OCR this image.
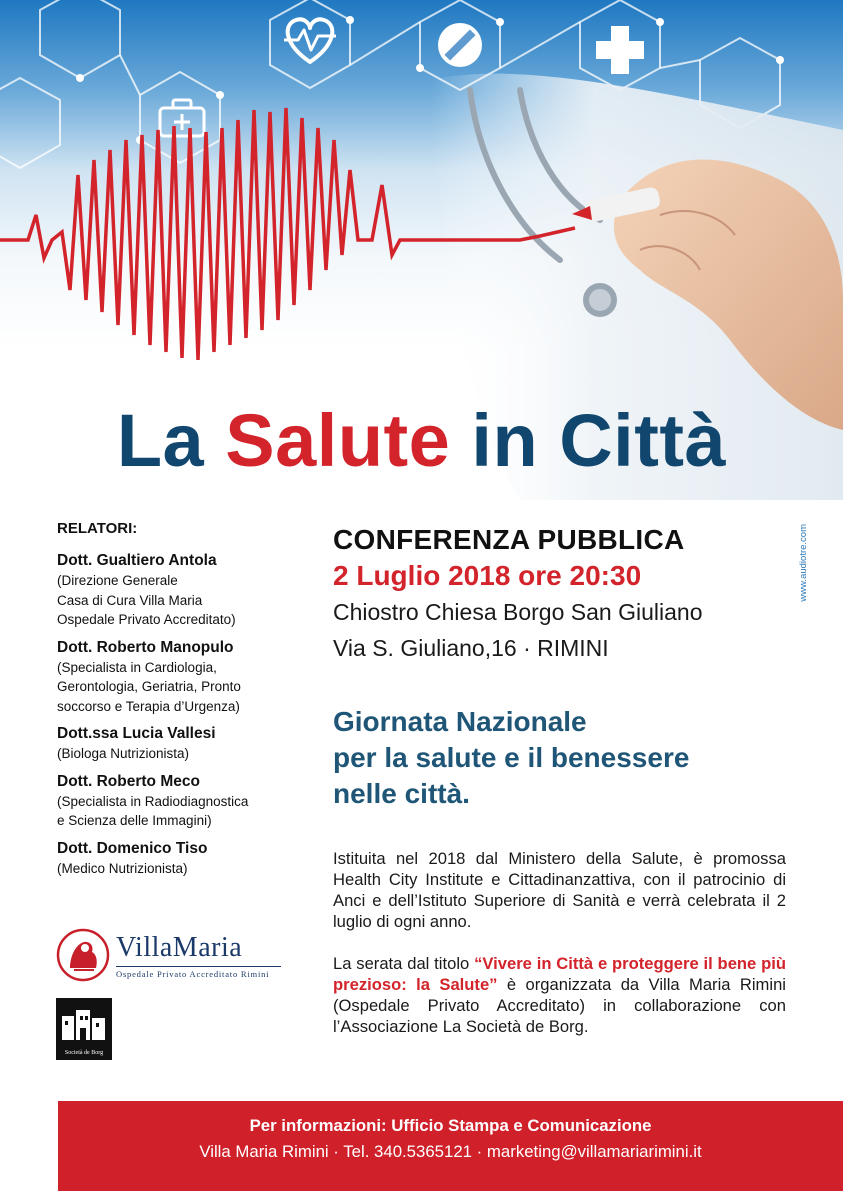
La Salute in Città
RELATORI:
Dott. Gualtiero Antola
(Direzione Generale
Casa di Cura Villa Maria
Ospedale Privato Accreditato)
Dott. Roberto Manopulo
(Specialista in Cardiologia,
Gerontologia, Geriatria, Pronto
soccorso e Terapia d’Urgenza)
Dott.ssa Lucia Vallesi
(Biologa Nutrizionista)
Dott. Roberto Meco
(Specialista in Radiodiagnostica
e Scienza delle Immagini)
Dott. Domenico Tiso
(Medico Nutrizionista)
VillaMaria
Ospedale Privato Accreditato Rimini
Società de Borg
CONFERENZA PUBBLICA
2 Luglio 2018 ore 20:30
Chiostro Chiesa Borgo San Giuliano
Via S. Giuliano,16 · RIMINI
www.audiotre.com
Giornata Nazionale
per la salute e il benessere
nelle città.
Istituita nel 2018 dal Ministero della Salute, è promossa Health City Institute e Cittadinanzattiva, con il patrocinio di Anci e dell’Istituto Superiore di Sanità e verrà celebrata il 2 luglio di ogni anno.
La serata dal titolo “Vivere in Città e proteggere il bene più prezioso: la Salute” è organizzata da Villa Maria Rimini (Ospedale Privato Accreditato) in collaborazione con l’Associazione La Società de Borg.
Per informazioni: Ufficio Stampa e Comunicazione
Villa Maria Rimini · Tel. 340.5365121 · marketing@villamariarimini.it
